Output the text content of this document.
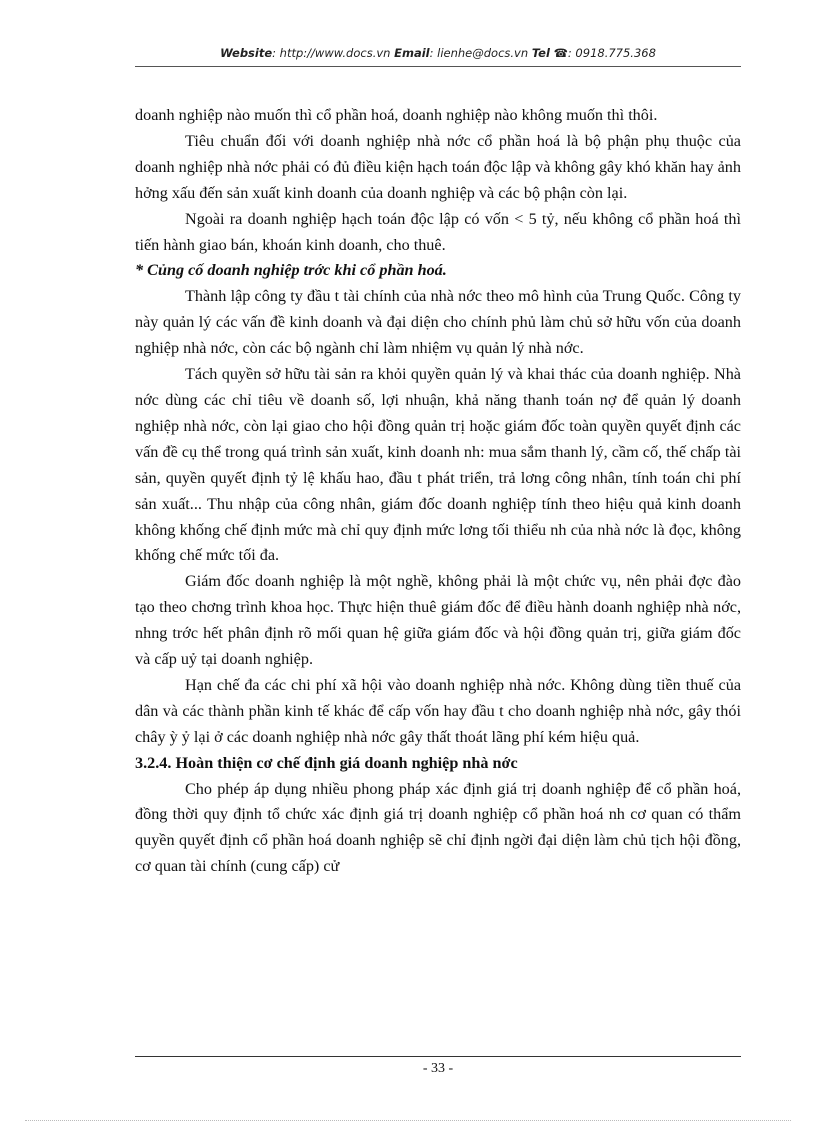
Website: http://www.docs.vn Email: lienhe@docs.vn Tel ☎: 0918.775.368

doanh nghiệp nào muốn thì cổ phần hoá, doanh nghiệp nào không muốn thì thôi.

Tiêu chuẩn đối với doanh nghiệp nhà nớc cổ phần hoá là bộ phận phụ thuộc của doanh nghiệp nhà nớc phải có đủ điều kiện hạch toán độc lập và không gây khó khăn hay ảnh hởng xấu đến sản xuất kinh doanh của doanh nghiệp và các bộ phận còn lại.

Ngoài ra doanh nghiệp hạch toán độc lập có vốn < 5 tỷ, nếu không cổ phần hoá thì tiến hành giao bán, khoán kinh doanh, cho thuê.

* Củng cố doanh nghiệp trớc khi cổ phần hoá.

Thành lập công ty đầu t tài chính của nhà nớc theo mô hình của Trung Quốc. Công ty này quản lý các vấn đề kinh doanh và đại diện cho chính phủ làm chủ sở hữu vốn của doanh nghiệp nhà nớc, còn các bộ ngành chỉ làm nhiệm vụ quản lý nhà nớc.

Tách quyền sở hữu tài sản ra khỏi quyền quản lý và khai thác của doanh nghiệp. Nhà nớc dùng các chỉ tiêu về doanh số, lợi nhuận, khả năng thanh toán nợ để quản lý doanh nghiệp nhà nớc, còn lại giao cho hội đồng quản trị hoặc giám đốc toàn quyền quyết định các vấn đề cụ thể trong quá trình sản xuất, kinh doanh nh: mua sắm thanh lý, cầm cố, thế chấp tài sản, quyền quyết định tỷ lệ khấu hao, đầu t phát triển, trả lơng công nhân, tính toán chi phí sản xuất... Thu nhập của công nhân, giám đốc doanh nghiệp tính theo hiệu quả kinh doanh không khống chế định mức mà chỉ quy định mức lơng tối thiểu nh của nhà nớc là đọc, không khống chế mức tối đa.

Giám đốc doanh nghiệp là một nghề, không phải là một chức vụ, nên phải đợc đào tạo theo chơng trình khoa học. Thực hiện thuê giám đốc để điều hành doanh nghiệp nhà nớc, nhng trớc hết phân định rõ mối quan hệ giữa giám đốc và hội đồng quản trị, giữa giám đốc và cấp uỷ tại doanh nghiệp.

Hạn chế đa các chi phí xã hội vào doanh nghiệp nhà nớc. Không dùng tiền thuế của dân và các thành phần kinh tế khác để cấp vốn hay đầu t cho doanh nghiệp nhà nớc, gây thói chây ỳ ỷ lại ở các doanh nghiệp nhà nớc gây thất thoát lãng phí kém hiệu quả.

3.2.4. Hoàn thiện cơ chế định giá doanh nghiệp nhà nớc

Cho phép áp dụng nhiều phong pháp xác định giá trị doanh nghiệp để cổ phần hoá, đồng thời quy định tổ chức xác định giá trị doanh nghiệp cổ phần hoá nh cơ quan có thẩm quyền quyết định cổ phần hoá doanh nghiệp sẽ chỉ định ngời đại diện làm chủ tịch hội đồng, cơ quan tài chính (cung cấp) cử

- 33 -
